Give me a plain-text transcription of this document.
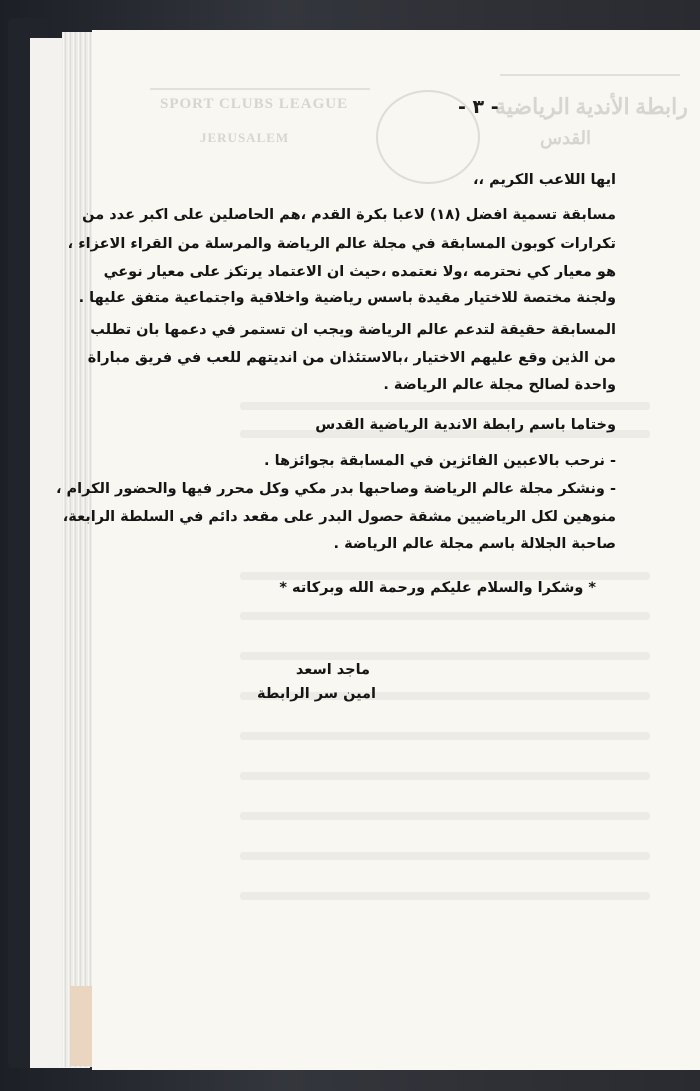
SPORT CLUBS LEAGUE
JERUSALEM
رابطة الأندية الرياضية
القدس
- ٣ -
ايها اللاعب الكريم ،،
مسابقة تسمية افضل (١٨) لاعبا بكرة القدم ،هم الحاصلين على اكبر عدد من
تكرارات كوبون المسابقة في مجلة عالم الرياضة والمرسلة من القراء الاعزاء ،
هو معيار كي نحترمه ،ولا نعتمده ،حيث ان الاعتماد يرتكز على معيار نوعي
ولجنة مختصة للاختيار مقيدة باسس رياضية واخلاقية واجتماعية متفق عليها .
المسابقة حقيقة لتدعم عالم الرياضة ويجب ان تستمر في دعمها بان تطلب
من الذين وقع عليهم الاختيار ،بالاستئذان من انديتهم للعب في فريق مباراة
واحدة لصالح مجلة عالم الرياضة .
وختاما باسم رابطة الاندية الرياضية القدس
- نرحب بالاعبين الفائزين في المسابقة بجوائزها .
- ونشكر مجلة عالم الرياضة وصاحبها بدر مكي وكل محرر فيها والحضور الكرام ،
منوهين لكل الرياضيين مشقة حصول البدر على مقعد دائم في السلطة الرابعة،
صاحبة الجلالة باسم مجلة عالم الرياضة .
* وشكرا والسلام عليكم ورحمة الله وبركاته *
ماجد اسعد
امين سر الرابطة
